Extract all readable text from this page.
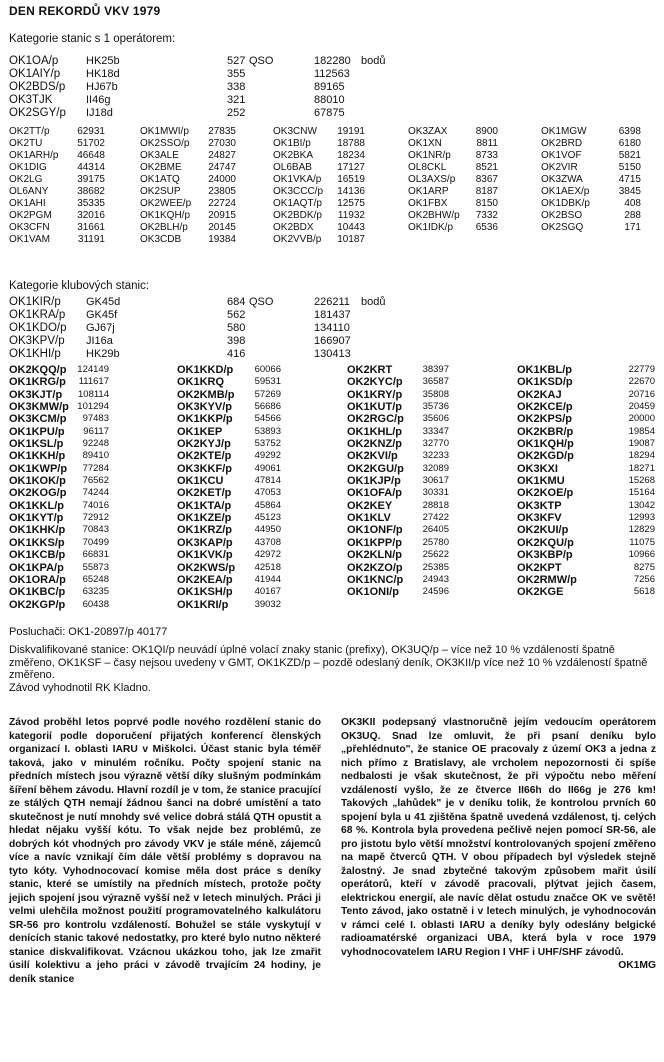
DEN REKORDŮ VKV 1979
Kategorie stanic s 1 operátorem:
OK1OA/p	HK25b	527 QSO	182280 bodů
OK1AIY/p HK18d	355	112563
OK2BDS/p HJ67b	338	89165
OK3TJK	II46g	321	88010
OK2SGY/p IJ18d	252	67875
OK2TT/p	62931
OK2TU	51702
OK1ARH/p	46648
OK1DIG	44314
OK2LG	39175
OL6ANY	38682
OK1AHI	35335
OK2PGM	32016
OK3CFN	31661
OK1VAM	31191
OK1MWI/p	27835
OK2SSO/p	27030
OK3ALE	24827
OK2BME	24747
OK1ATQ	24000
OK2SUP	23805
OK2WEE/p	22724
OK1KQH/p	20915
OK2BLH/p	20145
OK3CDB	19384
OK3CNW	19191
OK1BI/p	18788
OK2BKA	18234
OL6BAB	17127
OK1VKA/p	16519
OK3CCC/p	14136
OK1AQT/p	12575
OK2BDK/p	11932
OK2BDX	10443
OK2VVB/p	10187
OK3ZAX	8900
OK1XN	8811
OK1NR/p	8733
OL8CKL	8521
OL3AXS/p	8367
OK1ARP	8187
OK1FBX	8150
OK2BHW/p	7332
OK1IDK/p	6536
OK1MGW	6398
OK2BRD	6180
OK1VOF	5821
OK2VIR	5150
OK3ZWA	4715
OK1AEX/p	3845
OK1DBK/p	408
OK2BSO	288
OK2SGQ	171
Kategorie klubových stanic:
OK1KIR/p GK45d	684 QSO	226211 bodů
OK1KRA/p GK45f	562	181437
OK1KDO/p GJ67j	580	134110
OK3KPV/p JI16a	398	166907
OK1KHI/p HK29b	416	130413
OK2KQQ/p	124149
OK1KRG/p	111617
OK3KJT/p	108114
OK3KMW/p 101294
OK3KCM/p	97483
OK1KPU/p	96117
OK1KSL/p	92248
OK1KKH/p	89410
OK1KWP/p	77284
OK1KOK/p	76562
OK2KOG/p	74244
OK1KKL/p	74016
OK1KYT/p	72912
OK1KHK/p	70843
OK1KKS/p	70499
OK1KCB/p	66831
OK1KPA/p	55873
OK1ORA/p	65248
OK1KBC/p	63235
OK2KGP/p	60438
OK1KKD/p	60066
OK1KRQ	59531
OK2KMB/p	57269
OK3KYV/p	56686
OK1KKP/p	54566
OK1KEP	53893
OK2KYJ/p	53752
OK2KTE/p	49292
OK3KKF/p	49061
OK1KCU	47814
OK2KET/p	47053
OK1KTA/p	45864
OK1KZE/p	45123
OK1KRZ/p	44950
OK3KAP/p	43708
OK1KVK/p	42972
OK2KWS/p	42518
OK2KEA/p	41944
OK1KSH/p	40167
OK1KRI/p	39032
OK2KRT	38397
OK2KYC/p	36587
OK1KRY/p	35808
OK1KUT/p	35736
OK2RGC/p	35606
OK1KHL/p	33347
OK2KNZ/p	32770
OK2KVI/p	32233
OK2KGU/p	32089
OK1KJP/p	30617
OK1OFA/p	30331
OK2KEY	28818
OK1KLV	27422
OK1ONF/p	26405
OK1KPP/p	25780
OK2KLN/p	25622
OK2KZO/p	25385
OK1KNC/p	24943
OK1ONI/p	24596
OK1KBL/p	22779
OK1KSD/p	22670
OK2KAJ	20716
OK2KCE/p	20459
OK2KPS/p	20000
OK2KBR/p	19854
OK1KQH/p	19087
OK2KGD/p	18294
OK3KXI	18271
OK1KMU	15268
OK2KOE/p	15164
OK3KTP	13042
OK3KFV	12993
OK2KUI/p	12829
OK2KQU/p	11075
OK3KBP/p	10966
OK2KPT	8275
OK2RMW/p	7256
OK2KGE	5618
Posluchači: OK1-20897/p 40177
Diskvalifikované stanice: OK1QI/p neuvádí úplné volací znaky stanic (prefixy), OK3UQ/p – více než 10 % vzdáleností špatně změřeno, OK1KSF – časy nejsou uvedeny v GMT, OK1KZD/p – pozdě odeslaný deník, OK3KII/p více než 10 % vzdáleností špatně změřeno.
Závod vyhodnotil RK Kladno.

Závod proběhl letos poprvé podle nového rozdělení stanic do kategorií podle doporučení přijatých konferencí členských organizací I. oblasti IARU v Miškolci. Účast stanic byla téměř taková, jako v minulém ročníku. Počty spojení stanic na předních místech jsou výrazně větší díky slušným podmínkám šíření během závodu. Hlavní rozdíl je v tom, že stanice pracující ze stálých QTH nemají žádnou šanci na dobré umístění a tato skutečnost je nutí mnohdy své velice dobrá stálá QTH opustit a hledat nějaku vyšší kótu. To však nejde bez problémů, ze dobrých kót vhodných pro závody VKV je stále méně, zájemců více a navíc vznikají čím dále větší problémy s dopravou na tyto kóty. Vyhodnocovací komise měla dost práce s deníky stanic, které se umístily na předních místech, protože počty jejich spojení jsou výrazně vyšší než v letech minulých. Práci ji velmi ulehčila možnost použití programovatelného kalkulátoru SR-56 pro kontrolu vzdáleností. Bohužel se stále vyskytují v denících stanic takové nedostatky, pro které bylo nutno některé stanice diskvalifikovat. Vzácnou ukázkou toho, jak lze zmařit úsilí kolektivu a jeho práci v závodě trvajícím 24 hodiny, je deník stanice

OK3KII podepsaný vlastnoručně jejím vedoucím operátorem OK3UQ. Snad lze omluvit, že při psaní deníku bylo „přehlédnuto", že stanice OE pracovaly z území OK3 a jedna z nich přímo z Bratislavy, ale vrcholem nepozornosti či spíše nedbalosti je však skutečnost, že při výpočtu nebo měření vzdáleností vyšlo, že ze čtverce II66h do II66g je 276 km! Takových „lahůdek" je v deníku tolik, že kontrolou prvních 60 spojení byla u 41 zjištěna špatně uvedená vzdálenost, tj. celých 68 %. Kontrola byla provedena pečlivě nejen pomocí SR-56, ale pro jistotu bylo větší množství kontrolovaných spojení změřeno na mapě čtverců QTH. V obou případech byl výsledek stejně žalostný. Je snad zbytečné takovým způsobem mařit úsilí operátorů, kteří v závodě pracovali, plýtvat jejich časem, elektrickou energií, ale navíc dělat ostudu značce OK ve světě! Tento závod, jako ostatně i v letech minulých, je vyhodnocován v rámci celé I. oblasti IARU a deníky byly odeslány belgické radioamatérské organizaci UBA, která byla v roce 1979 vyhodnocovatelem IARU Region I VHF i UHF/SHF závodů.

OK1MG
